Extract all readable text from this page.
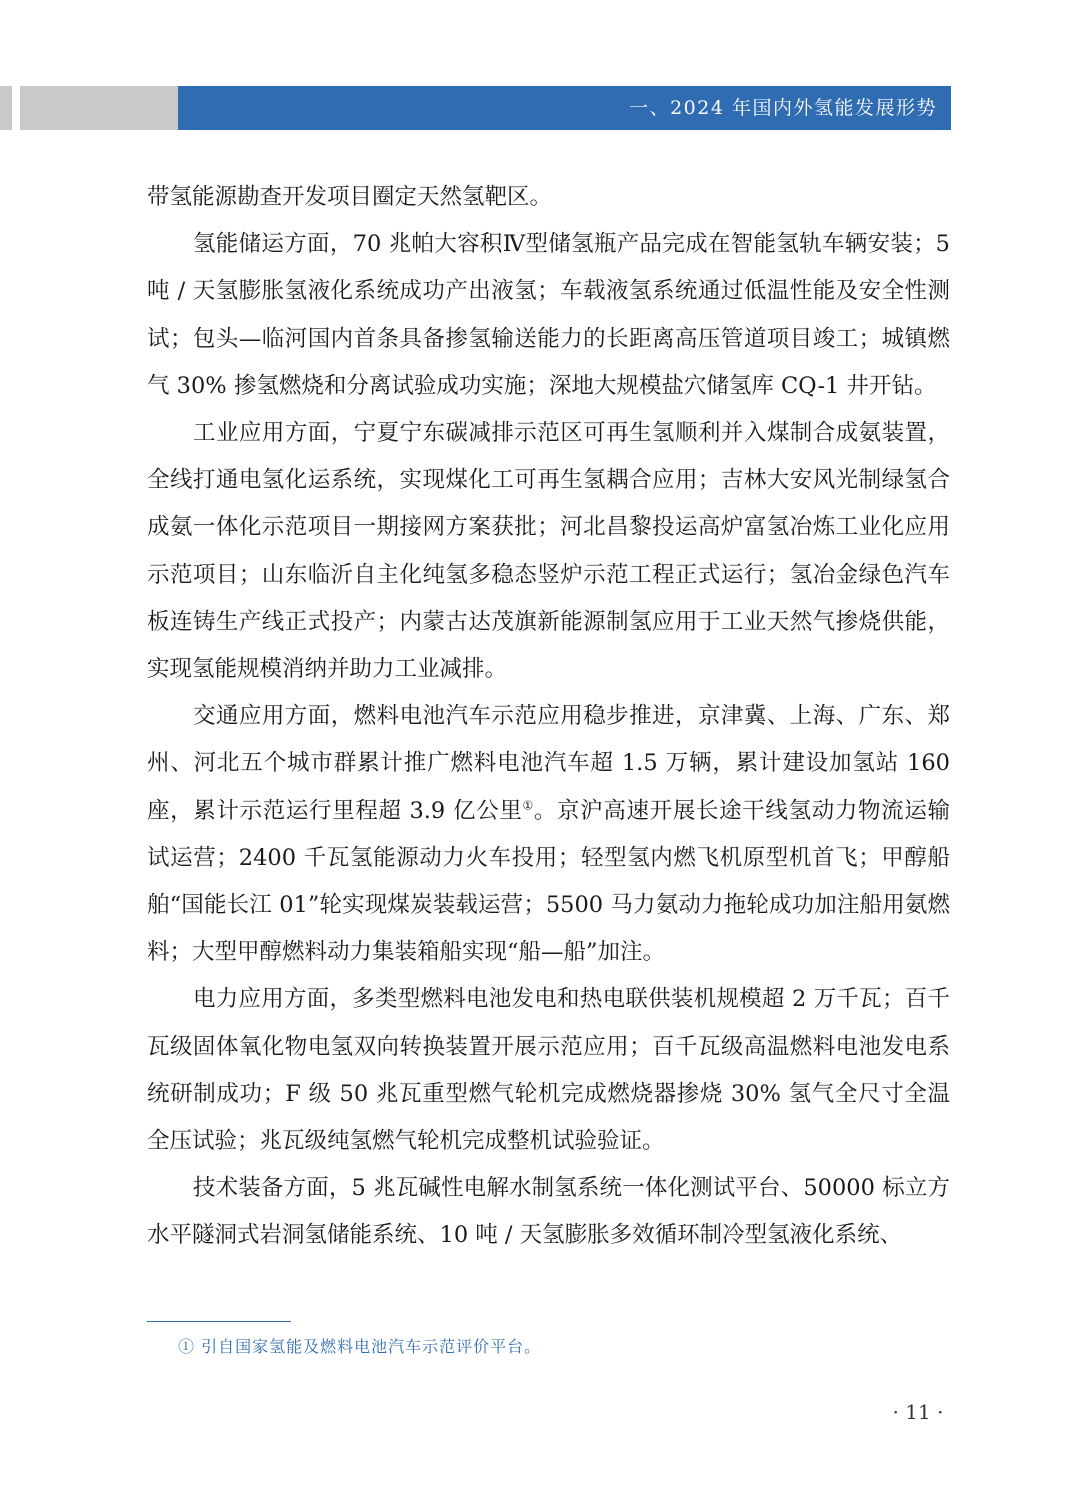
一、2024 年国内外氢能发展形势

带氢能源勘查开发项目圈定天然氢靶区。

氢能储运方面，70 兆帕大容积Ⅳ型储氢瓶产品完成在智能氢轨车辆安装；5 吨 / 天氢膨胀氢液化系统成功产出液氢；车载液氢系统通过低温性能及安全性测试；包头—临河国内首条具备掺氢输送能力的长距离高压管道项目竣工；城镇燃气 30% 掺氢燃烧和分离试验成功实施；深地大规模盐穴储氢库 CQ-1 井开钻。

工业应用方面，宁夏宁东碳减排示范区可再生氢顺利并入煤制合成氨装置，全线打通电氢化运系统，实现煤化工可再生氢耦合应用；吉林大安风光制绿氢合成氨一体化示范项目一期接网方案获批；河北昌黎投运高炉富氢冶炼工业化应用示范项目；山东临沂自主化纯氢多稳态竖炉示范工程正式运行；氢冶金绿色汽车板连铸生产线正式投产；内蒙古达茂旗新能源制氢应用于工业天然气掺烧供能，实现氢能规模消纳并助力工业减排。

交通应用方面，燃料电池汽车示范应用稳步推进，京津冀、上海、广东、郑州、河北五个城市群累计推广燃料电池汽车超 1.5 万辆，累计建设加氢站 160 座，累计示范运行里程超 3.9 亿公里①。京沪高速开展长途干线氢动力物流运输试运营；2400 千瓦氢能源动力火车投用；轻型氢内燃飞机原型机首飞；甲醇船舶“国能长江 01”轮实现煤炭装载运营；5500 马力氨动力拖轮成功加注船用氨燃料；大型甲醇燃料动力集装箱船实现“船—船”加注。

电力应用方面，多类型燃料电池发电和热电联供装机规模超 2 万千瓦；百千瓦级固体氧化物电氢双向转换装置开展示范应用；百千瓦级高温燃料电池发电系统研制成功；F 级 50 兆瓦重型燃气轮机完成燃烧器掺烧 30% 氢气全尺寸全温全压试验；兆瓦级纯氢燃气轮机完成整机试验验证。

技术装备方面，5 兆瓦碱性电解水制氢系统一体化测试平台、50000 标立方水平隧洞式岩洞氢储能系统、10 吨 / 天氢膨胀多效循环制冷型氢液化系统、

① 引自国家氢能及燃料电池汽车示范评价平台。
· 11 ·
